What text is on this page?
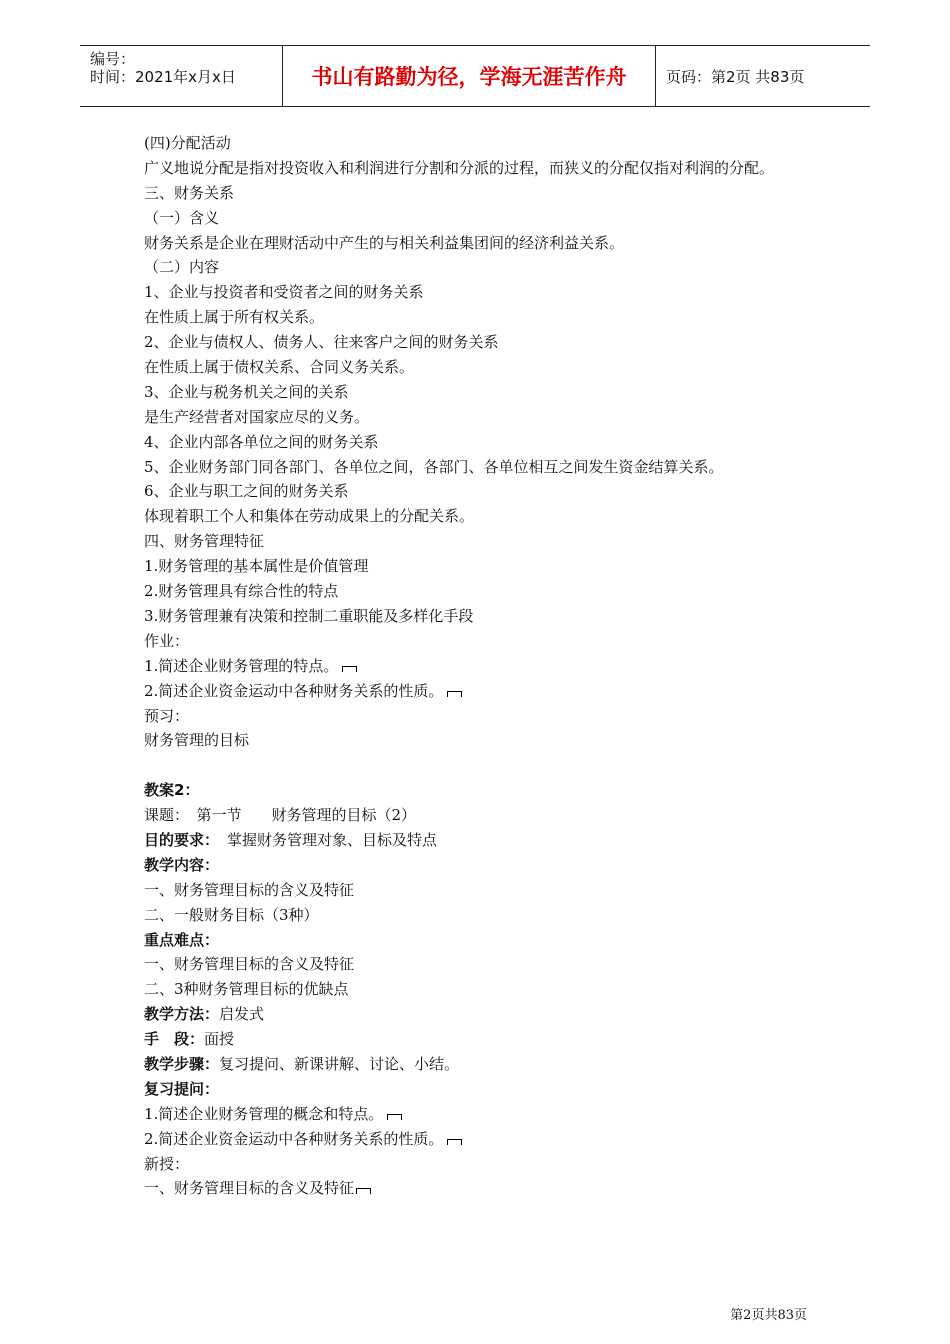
编号：
时间：2021年x月x日	书山有路勤为径，学海无涯苦作舟	页码：第2页 共83页
(四)分配活动
广义地说分配是指对投资收入和利润进行分割和分派的过程，而狭义的分配仅指对利润的分配。
三、财务关系
（一）含义
财务关系是企业在理财活动中产生的与相关利益集团间的经济利益关系。
（二）内容
1、企业与投资者和受资者之间的财务关系
在性质上属于所有权关系。
2、企业与债权人、债务人、往来客户之间的财务关系
在性质上属于债权关系、合同义务关系。
3、企业与税务机关之间的关系
是生产经营者对国家应尽的义务。
4、企业内部各单位之间的财务关系
5、企业财务部门同各部门、各单位之间，各部门、各单位相互之间发生资金结算关系。
6、企业与职工之间的财务关系
体现着职工个人和集体在劳动成果上的分配关系。
四、财务管理特征
1.财务管理的基本属性是价值管理
2.财务管理具有综合性的特点
3.财务管理兼有决策和控制二重职能及多样化手段
作业：
1.简述企业财务管理的特点。
2.简述企业资金运动中各种财务关系的性质。
预习：
财务管理的目标
教案2：
课题：　第一节　　财务管理的目标（2）
目的要求： 掌握财务管理对象、目标及特点
教学内容：
一、财务管理目标的含义及特征
二、一般财务目标（3种）
重点难点：
一、财务管理目标的含义及特征
二、3种财务管理目标的优缺点
教学方法：启发式
手　段：面授
教学步骤：复习提问、新课讲解、讨论、小结。
复习提问：
1.简述企业财务管理的概念和特点。
2.简述企业资金运动中各种财务关系的性质。
新授：
一、财务管理目标的含义及特征
第2页共83页
